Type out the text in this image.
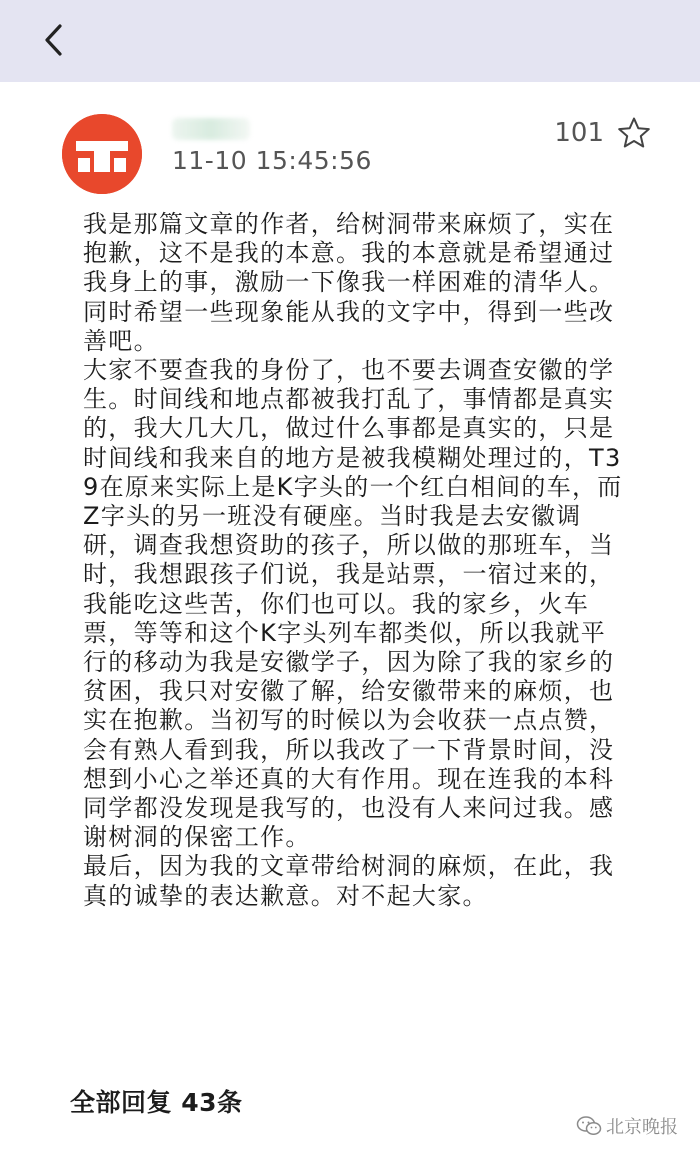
11-10 15:45:56
101

我是那篇文章的作者，给树洞带来麻烦了，实在抱歉，这不是我的本意。我的本意就是希望通过我身上的事，激励一下像我一样困难的清华人。同时希望一些现象能从我的文字中，得到一些改善吧。

大家不要查我的身份了，也不要去调查安徽的学生。时间线和地点都被我打乱了，事情都是真实的，我大几大几，做过什么事都是真实的，只是时间线和我来自的地方是被我模糊处理过的，T39在原来实际上是K字头的一个红白相间的车，而Z字头的另一班没有硬座。当时我是去安徽调研，调查我想资助的孩子，所以做的那班车，当时，我想跟孩子们说，我是站票，一宿过来的，我能吃这些苦，你们也可以。我的家乡，火车票，等等和这个K字头列车都类似，所以我就平行的移动为我是安徽学子，因为除了我的家乡的贫困，我只对安徽了解，给安徽带来的麻烦，也实在抱歉。当初写的时候以为会收获一点点赞，会有熟人看到我，所以我改了一下背景时间，没想到小心之举还真的大有作用。现在连我的本科同学都没发现是我写的，也没有人来问过我。感谢树洞的保密工作。

最后，因为我的文章带给树洞的麻烦，在此，我真的诚挚的表达歉意。对不起大家。

全部回复 43条
北京晚报
